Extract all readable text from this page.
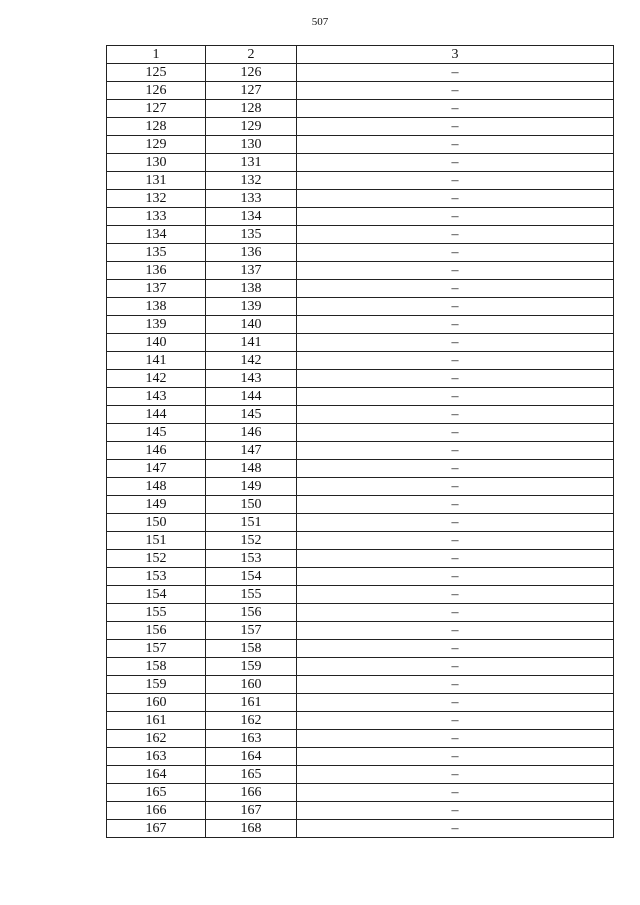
507
1	2	3
125	126	–
126	127	–
127	128	–
128	129	–
129	130	–
130	131	–
131	132	–
132	133	–
133	134	–
134	135	–
135	136	–
136	137	–
137	138	–
138	139	–
139	140	–
140	141	–
141	142	–
142	143	–
143	144	–
144	145	–
145	146	–
146	147	–
147	148	–
148	149	–
149	150	–
150	151	–
151	152	–
152	153	–
153	154	–
154	155	–
155	156	–
156	157	–
157	158	–
158	159	–
159	160	–
160	161	–
161	162	–
162	163	–
163	164	–
164	165	–
165	166	–
166	167	–
167	168	–
